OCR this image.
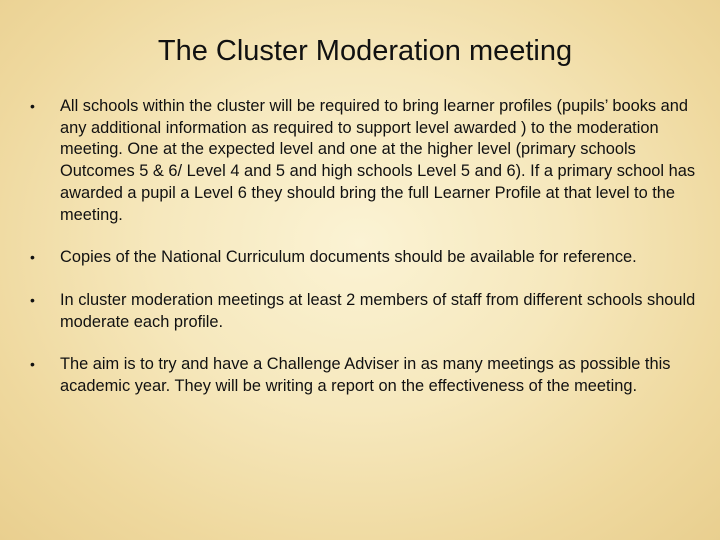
The Cluster Moderation meeting
• All schools within the cluster will be required to bring learner profiles (pupils’ books and any additional information as required to support level awarded ) to the moderation meeting. One at the expected level and one at the higher level (primary schools Outcomes 5 & 6/ Level 4 and 5 and high schools Level 5 and 6). If a primary school has awarded a pupil a Level 6 they should bring the full Learner Profile at that level to the meeting.
• Copies of the National Curriculum documents should be available for reference.
• In cluster moderation meetings at least 2 members of staff from different schools should moderate each profile.
• The aim is to try and have a Challenge Adviser in as many meetings as possible this academic year. They will be writing a report on the effectiveness of the meeting.
